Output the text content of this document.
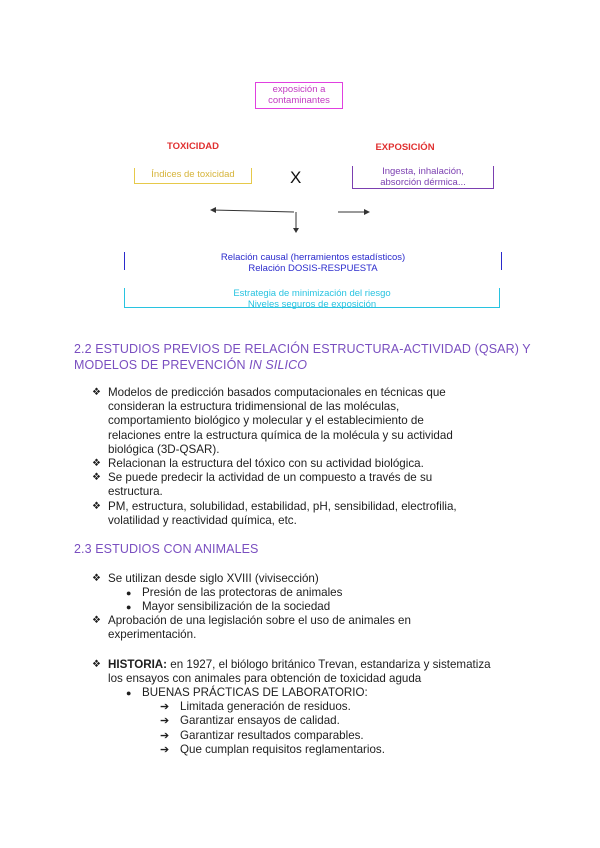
exposición a
contaminantes
TOXICIDAD	EXPOSICIÓN
Índices de toxicidad	X	Ingesta, inhalación,
absorción dérmica...
Relación causal (herramientos estadísticos)
Relación DOSIS-RESPUESTA
Estrategia de minimización del riesgo
Niveles seguros de exposición
2.2 ESTUDIOS PREVIOS DE RELACIÓN ESTRUCTURA-ACTIVIDAD (QSAR) Y
MODELOS DE PREVENCIÓN IN SILICO
❖ Modelos de predicción basados computacionales en técnicas que
consideran la estructura tridimensional de las moléculas,
comportamiento biológico y molecular y el establecimiento de
relaciones entre la estructura química de la molécula y su actividad
biológica (3D-QSAR).
❖ Relacionan la estructura del tóxico con su actividad biológica.
❖ Se puede predecir la actividad de un compuesto a través de su
estructura.
❖ PM, estructura, solubilidad, estabilidad, pH, sensibilidad, electrofilia,
volatilidad y reactividad química, etc.
2.3 ESTUDIOS CON ANIMALES
❖ Se utilizan desde siglo XVIII (vivisección)
● Presión de las protectoras de animales
● Mayor sensibilización de la sociedad
❖ Aprobación de una legislación sobre el uso de animales en
experimentación.
❖ HISTORIA: en 1927, el biólogo británico Trevan, estandariza y sistematiza
los ensayos con animales para obtención de toxicidad aguda
● BUENAS PRÁCTICAS DE LABORATORIO:
➔ Limitada generación de residuos.
➔ Garantizar ensayos de calidad.
➔ Garantizar resultados comparables.
➔ Que cumplan requisitos reglamentarios.
